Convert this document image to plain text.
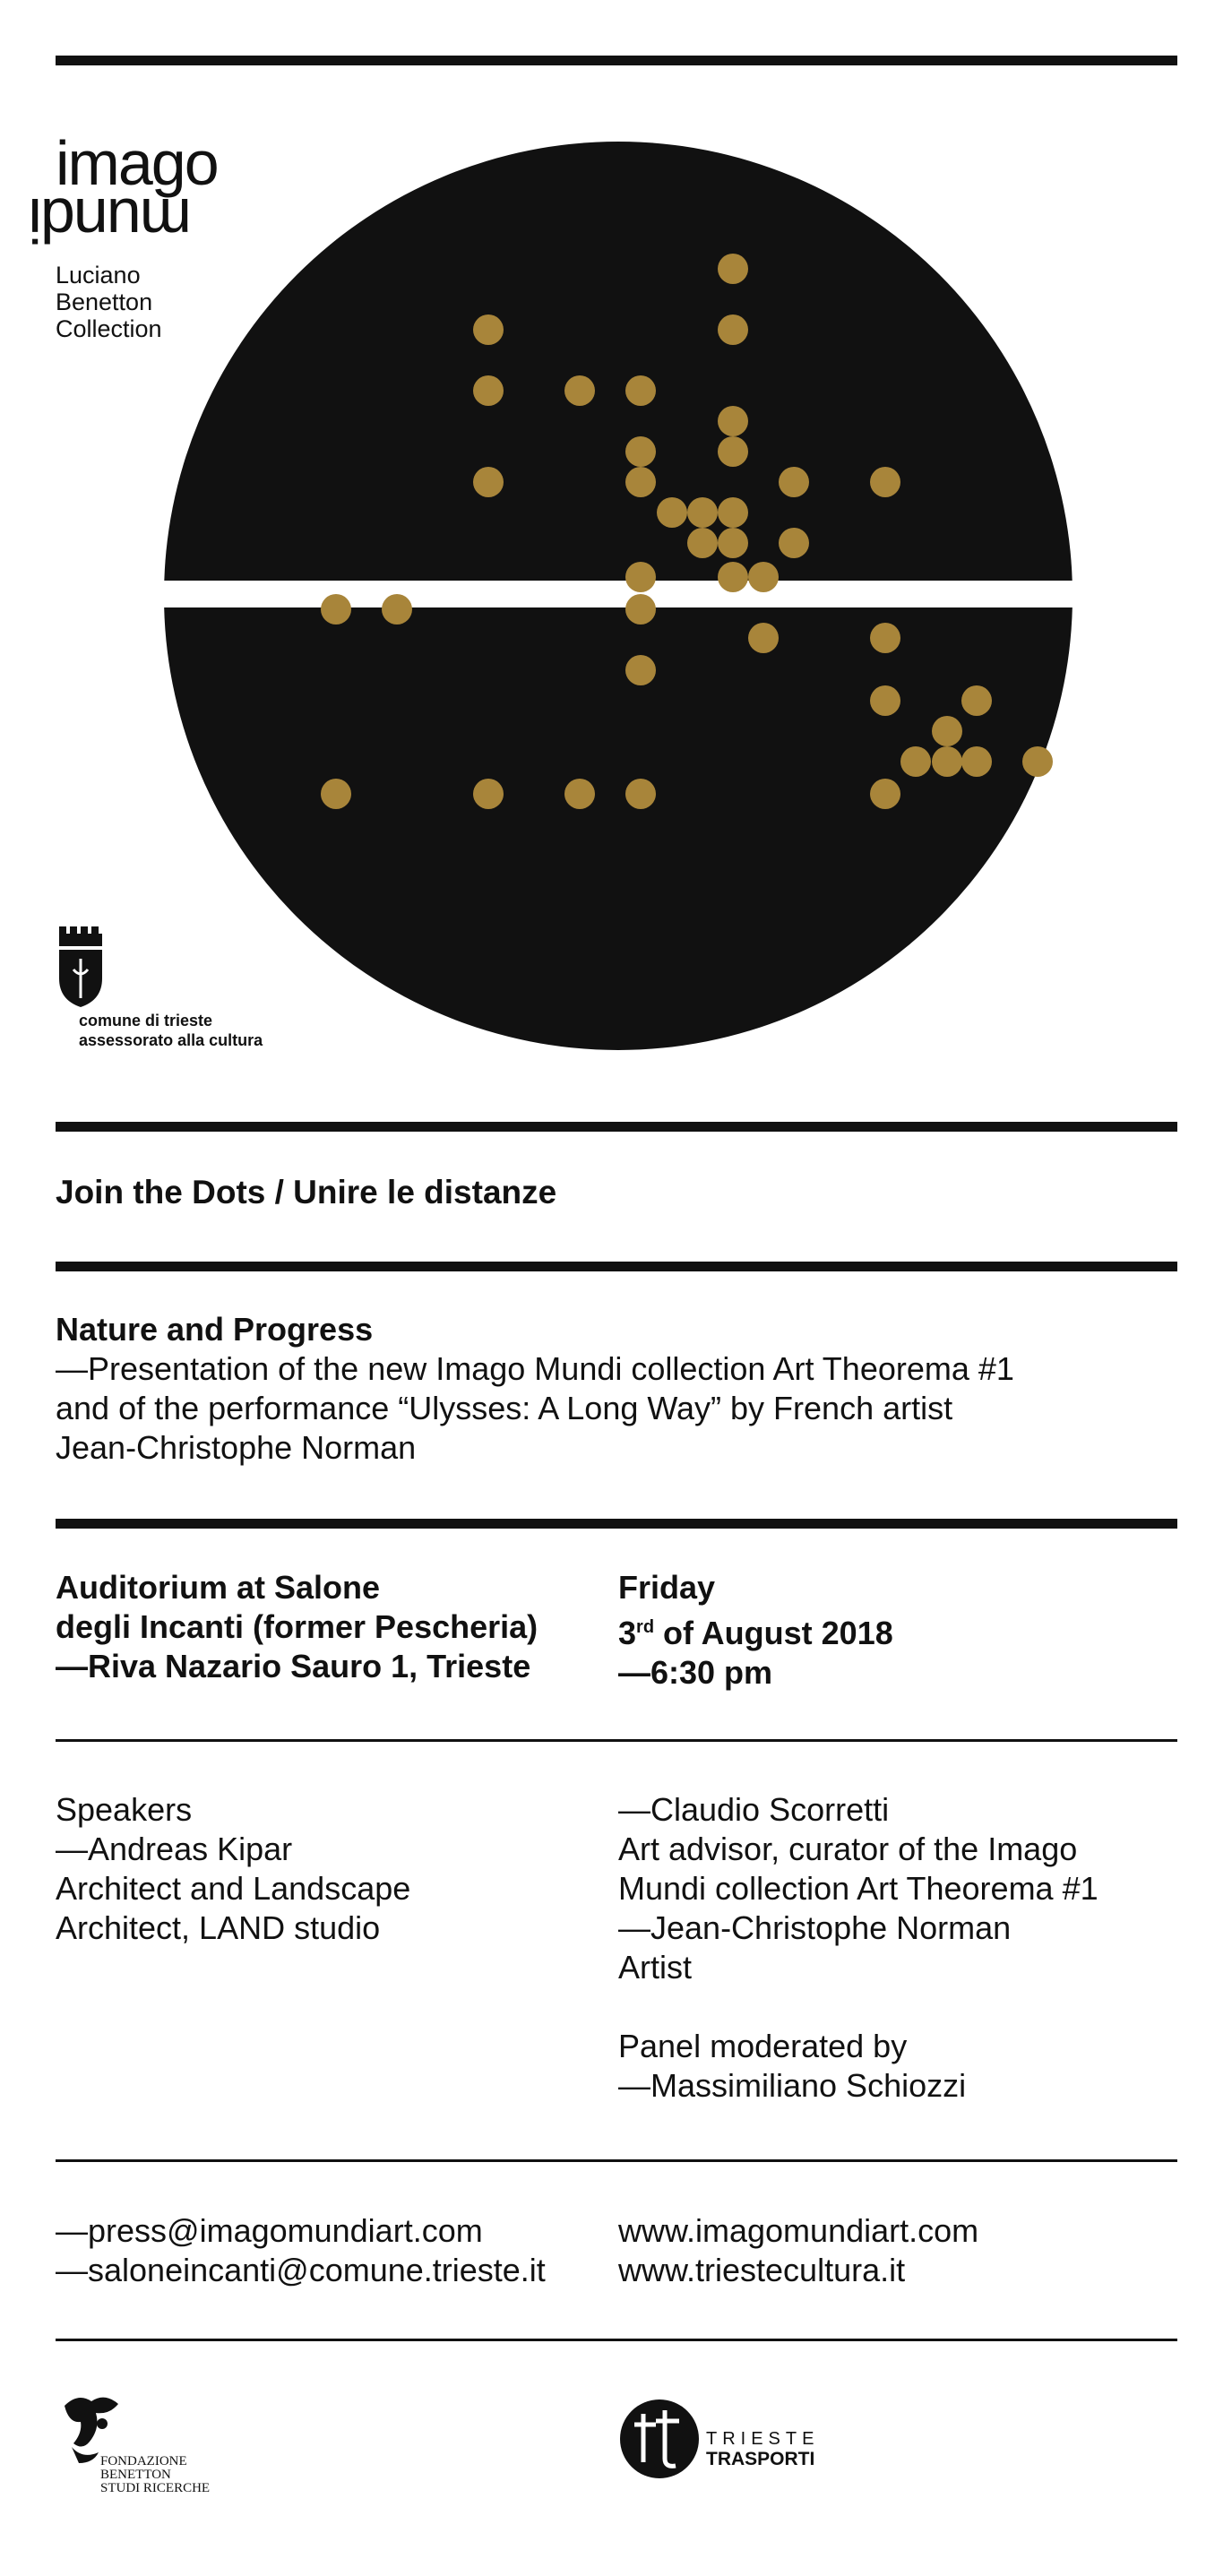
imago
mundi
Luciano
Benetton
Collection
comune di trieste
assessorato alla cultura

Join the Dots / Unire le distanze

Nature and Progress
—Presentation of the new Imago Mundi collection Art Theorema #1
and of the performance “Ulysses: A Long Way” by French artist
Jean-Christophe Norman
Auditorium at Salone
degli Incanti (former Pescheria)
—Riva Nazario Sauro 1, Trieste
Friday
3rd of August 2018
—6:30 pm
Speakers
—Andreas Kipar
Architect and Landscape
Architect, LAND studio
—Claudio Scorretti
Art advisor, curator of the Imago
Mundi collection Art Theorema #1
—Jean-Christophe Norman
Artist
Panel moderated by
—Massimiliano Schiozzi
—press@imagomundiart.com
—saloneincanti@comune.trieste.it
www.imagomundiart.com
www.triestecultura.it
FONDAZIONE
BENETTON
STUDI RICERCHE
TRIESTE
TRASPORTI
